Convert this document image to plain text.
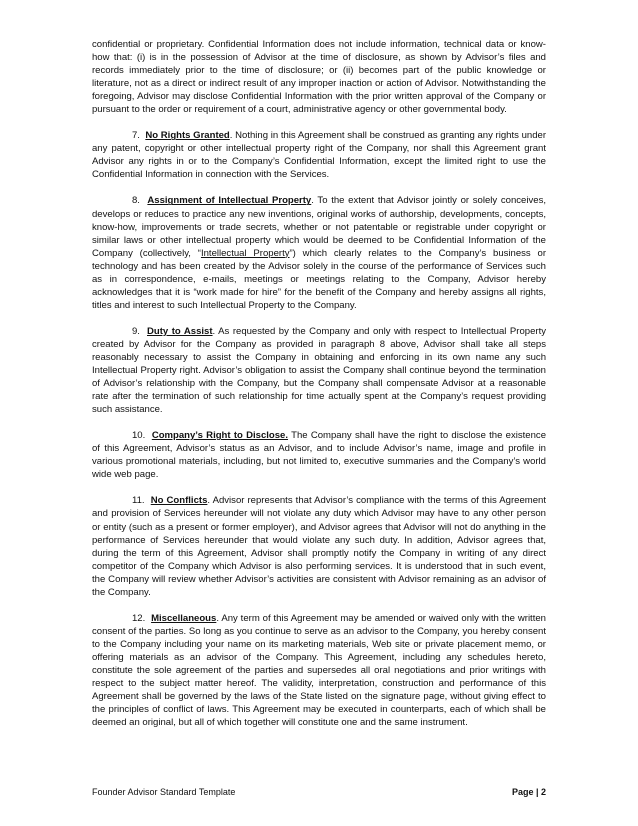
confidential or proprietary. Confidential Information does not include information, technical data or know-how that: (i) is in the possession of Advisor at the time of disclosure, as shown by Advisor’s files and records immediately prior to the time of disclosure; or (ii) becomes part of the public knowledge or literature, not as a direct or indirect result of any improper inaction or action of Advisor. Notwithstanding the foregoing, Advisor may disclose Confidential Information with the prior written approval of the Company or pursuant to the order or requirement of a court, administrative agency or other governmental body.

7. No Rights Granted. Nothing in this Agreement shall be construed as granting any rights under any patent, copyright or other intellectual property right of the Company, nor shall this Agreement grant Advisor any rights in or to the Company’s Confidential Information, except the limited right to use the Confidential Information in connection with the Services.

8. Assignment of Intellectual Property. To the extent that Advisor jointly or solely conceives, develops or reduces to practice any new inventions, original works of authorship, developments, concepts, know-how, improvements or trade secrets, whether or not patentable or registrable under copyright or similar laws or other intellectual property which would be deemed to be Confidential Information of the Company (collectively, “Intellectual Property”) which clearly relates to the Company’s business or technology and has been created by the Advisor solely in the course of the performance of Services such as in correspondence, e-mails, meetings or meetings relating to the Company, Advisor hereby acknowledges that it is “work made for hire” for the benefit of the Company and hereby assigns all rights, titles and interest to such Intellectual Property to the Company.

9. Duty to Assist. As requested by the Company and only with respect to Intellectual Property created by Advisor for the Company as provided in paragraph 8 above, Advisor shall take all steps reasonably necessary to assist the Company in obtaining and enforcing in its own name any such Intellectual Property right. Advisor’s obligation to assist the Company shall continue beyond the termination of Advisor’s relationship with the Company, but the Company shall compensate Advisor at a reasonable rate after the termination of such relationship for time actually spent at the Company’s request providing such assistance.

10. Company’s Right to Disclose. The Company shall have the right to disclose the existence of this Agreement, Advisor’s status as an Advisor, and to include Advisor’s name, image and profile in various promotional materials, including, but not limited to, executive summaries and the Company’s world wide web page.

11. No Conflicts. Advisor represents that Advisor’s compliance with the terms of this Agreement and provision of Services hereunder will not violate any duty which Advisor may have to any other person or entity (such as a present or former employer), and Advisor agrees that Advisor will not do anything in the performance of Services hereunder that would violate any such duty. In addition, Advisor agrees that, during the term of this Agreement, Advisor shall promptly notify the Company in writing of any direct competitor of the Company which Advisor is also performing services. It is understood that in such event, the Company will review whether Advisor’s activities are consistent with Advisor remaining as an advisor of the Company.

12. Miscellaneous. Any term of this Agreement may be amended or waived only with the written consent of the parties. So long as you continue to serve as an advisor to the Company, you hereby consent to the Company including your name on its marketing materials, Web site or private placement memo, or offering materials as an advisor of the Company. This Agreement, including any schedules hereto, constitute the sole agreement of the parties and supersedes all oral negotiations and prior writings with respect to the subject matter hereof. The validity, interpretation, construction and performance of this Agreement shall be governed by the laws of the State listed on the signature page, without giving effect to the principles of conflict of laws. This Agreement may be executed in counterparts, each of which shall be deemed an original, but all of which together will constitute one and the same instrument.

Founder Advisor Standard Template	Page | 2
